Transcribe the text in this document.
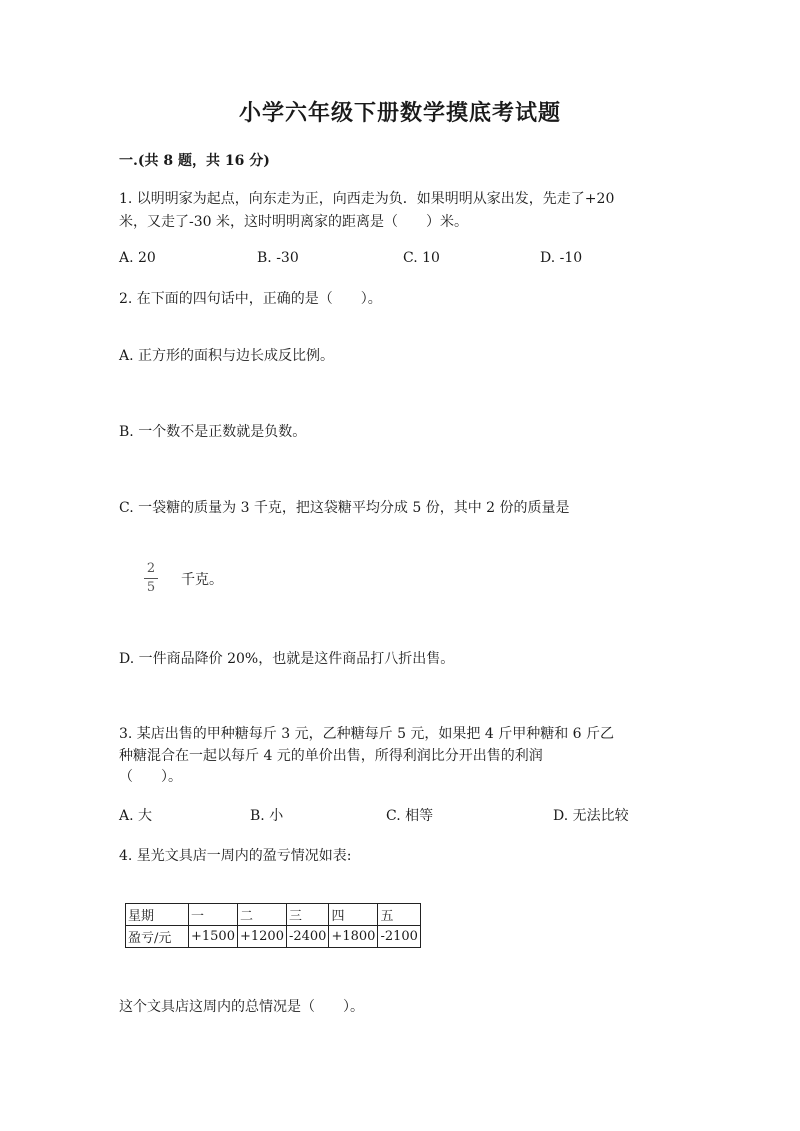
小学六年级下册数学摸底考试题
一.(共 8 题，共 16 分)
1. 以明明家为起点，向东走为正，向西走为负．如果明明从家出发，先走了+20
米，又走了-30 米，这时明明离家的距离是（　　）米。
A. 20	B. -30	C. 10	D. -10
2. 在下面的四句话中，正确的是（　　）。
A. 正方形的面积与边长成反比例。
B. 一个数不是正数就是负数。
C. 一袋糖的质量为 3 千克，把这袋糖平均分成 5 份，其中 2 份的质量是
2
5 千克。
D. 一件商品降价 20%，也就是这件商品打八折出售。
3. 某店出售的甲种糖每斤 3 元，乙种糖每斤 5 元，如果把 4 斤甲种糖和 6 斤乙
种糖混合在一起以每斤 4 元的单价出售，所得利润比分开出售的利润
（　　）。
A. 大	B. 小	C. 相等	D. 无法比较
4. 星光文具店一周内的盈亏情况如表:
星期	一	二	三	四	五
盈亏/元	+1500	+1200	-2400	+1800	-2100
这个文具店这周内的总情况是（　　）。
